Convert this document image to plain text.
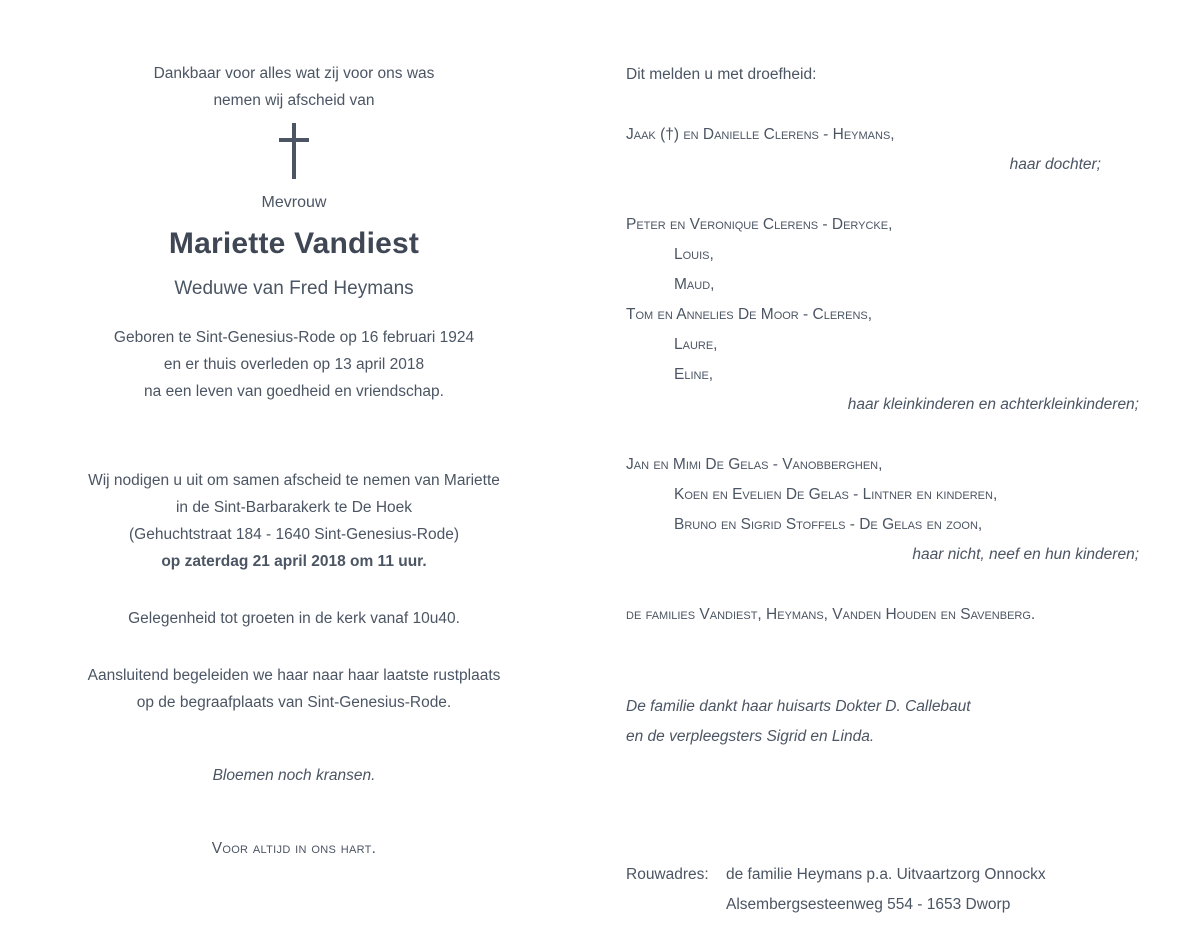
Dankbaar voor alles wat zij voor ons was
nemen wij afscheid van
Mevrouw
Mariette Vandiest
Weduwe van Fred Heymans
Geboren te Sint-Genesius-Rode op 16 februari 1924
en er thuis overleden op 13 april 2018
na een leven van goedheid en vriendschap.
Wij nodigen u uit om samen afscheid te nemen van Mariette
in de Sint-Barbarakerk te De Hoek
(Gehuchtstraat 184 - 1640 Sint-Genesius-Rode)
op zaterdag 21 april 2018 om 11 uur.
Gelegenheid tot groeten in de kerk vanaf 10u40.
Aansluitend begeleiden we haar naar haar laatste rustplaats
op de begraafplaats van Sint-Genesius-Rode.
Bloemen noch kransen.
Voor altijd in ons hart.
Dit melden u met droefheid:
Jaak (†) en Danielle Clerens - Heymans,
haar dochter;
Peter en Veronique Clerens - Derycke,
Louis,
Maud,
Tom en Annelies De Moor - Clerens,
Laure,
Eline,
haar kleinkinderen en achterkleinkinderen;
Jan en Mimi De Gelas - Vanobberghen,
Koen en Evelien De Gelas - Lintner en kinderen,
Bruno en Sigrid Stoffels - De Gelas en zoon,
haar nicht, neef en hun kinderen;
de families Vandiest, Heymans, Vanden Houden en Savenberg.
De familie dankt haar huisarts Dokter D. Callebaut
en de verpleegsters Sigrid en Linda.
Rouwadres:	de familie Heymans p.a. Uitvaartzorg Onnockx
Alsembergsesteenweg 554 - 1653 Dworp
